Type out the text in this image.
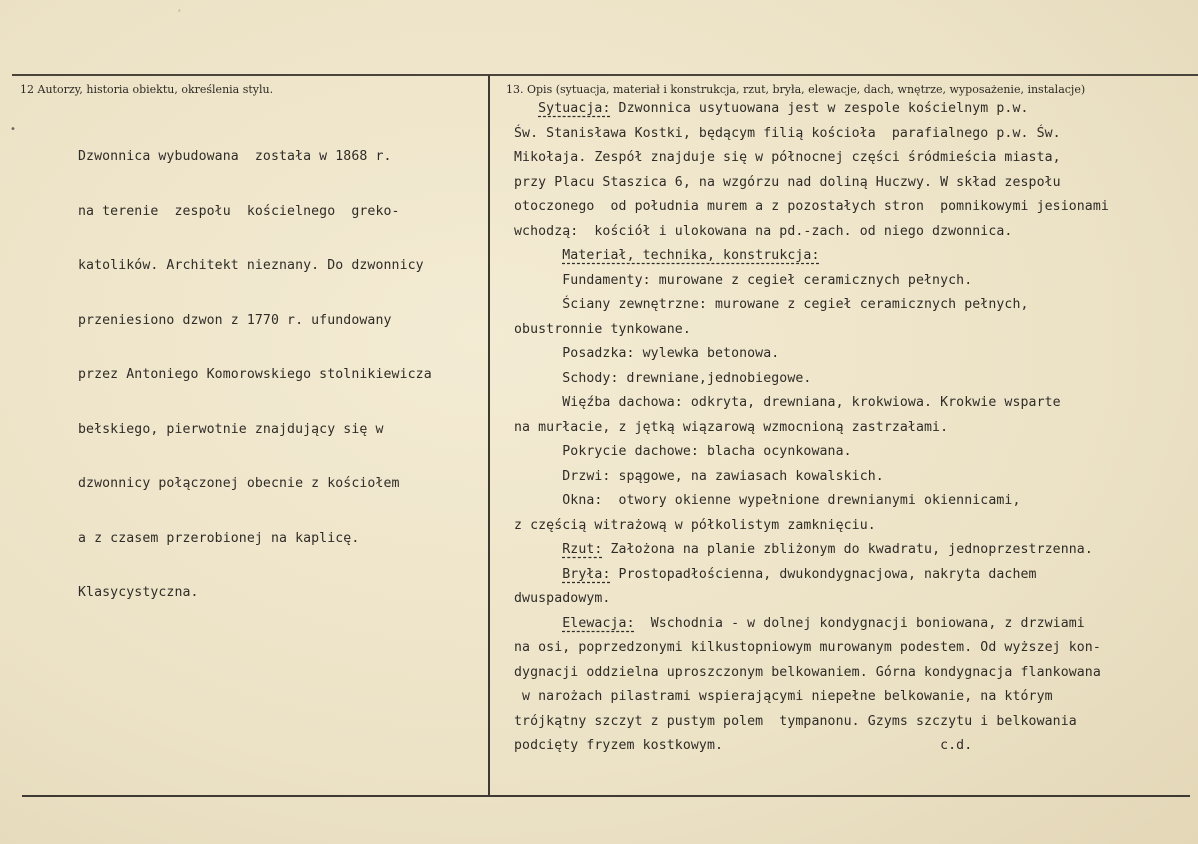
ٴ
12 Autorzy, historia obiektu, określenia stylu.	13. Opis (sytuacja, materiał i konstrukcja, rzut, bryła, elewacje, dach, wnętrze, wyposażenie, instalacje)
•

Dzwonnica wybudowana  została w 1868 r.

na terenie  zespołu  kościelnego  greko-

katolików. Architekt nieznany. Do dzwonnicy

przeniesiono dzwon z 1770 r. ufundowany

przez Antoniego Komorowskiego stolnikiewicza

bełskiego, pierwotnie znajdujący się w

dzwonnicy połączonej obecnie z kościołem

a z czasem przerobionej na kaplicę.

Klasycystyczna.

Sytuacja: Dzwonnica usytuowana jest w zespole kościelnym p.w.
Św. Stanisława Kostki, będącym filią kościoła  parafialnego p.w. Św.
Mikołaja. Zespół znajduje się w północnej części śródmieścia miasta,
przy Placu Staszica 6, na wzgórzu nad doliną Huczwy. W skład zespołu
otoczonego  od południa murem a z pozostałych stron  pomnikowymi jesionami
wchodzą:  kościół i ulokowana na pd.-zach. od niego dzwonnica.
Materiał, technika, konstrukcja:
Fundamenty: murowane z cegieł ceramicznych pełnych.
Ściany zewnętrzne: murowane z cegieł ceramicznych pełnych,
obustronnie tynkowane.
Posadzka: wylewka betonowa.
Schody: drewniane,jednobiegowe.
Więźba dachowa: odkryta, drewniana, krokwiowa. Krokwie wsparte
na murłacie, z jętką wiązarową wzmocnioną zastrzałami.
Pokrycie dachowe: blacha ocynkowana.
Drzwi: spągowe, na zawiasach kowalskich.
Okna:  otwory okienne wypełnione drewnianymi okiennicami,
z częścią witrażową w półkolistym zamknięciu.
Rzut: Założona na planie zbliżonym do kwadratu, jednoprzestrzenna.
Bryła: Prostopadłościenna, dwukondygnacjowa, nakryta dachem
dwuspadowym.
Elewacja:  Wschodnia - w dolnej kondygnacji boniowana, z drzwiami
na osi, poprzedzonymi kilkustopniowym murowanym podestem. Od wyższej kon-
dygnacji oddzielna uproszczonym belkowaniem. Górna kondygnacja flankowana
w narożach pilastrami wspierającymi niepełne belkowanie, na którym
trójkątny szczyt z pustym polem  tympanonu. Gzyms szczytu i belkowania
podcięty fryzem kostkowym.                           c.d.
